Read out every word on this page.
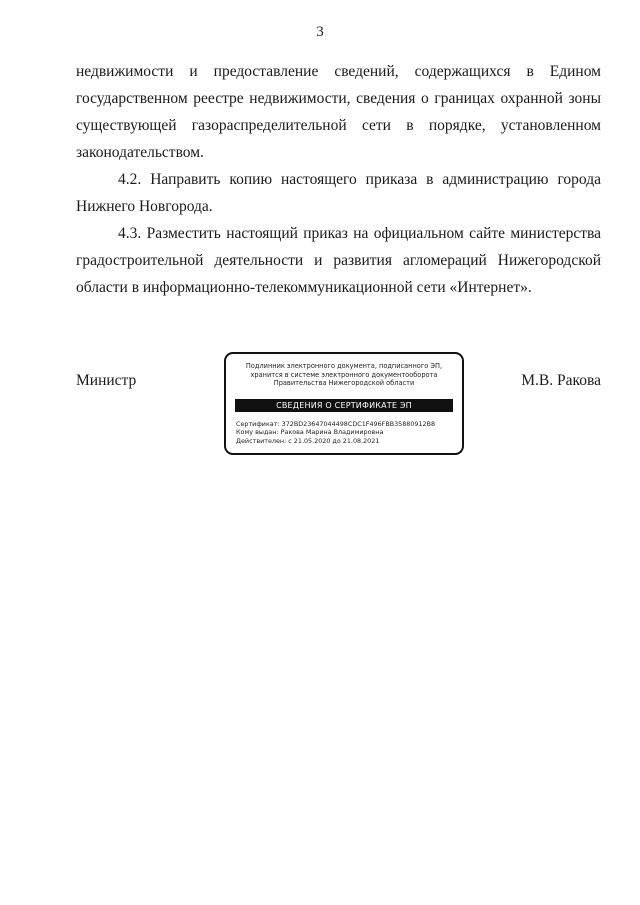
3

недвижимости и предоставление сведений, содержащихся в Едином
государственном реестре недвижимости, сведения о границах охранной зоны
существующей газораспределительной сети в порядке, установленном
законодательством.

4.2. Направить копию настоящего приказа в администрацию города
Нижнего Новгорода.

4.3. Разместить настоящий приказ на официальном сайте министерства
градостроительной деятельности и развития агломераций Нижегородской
области в информационно-телекоммуникационной сети «Интернет».

Министр	М.В. Ракова
Подлинник электронного документа, подписанного ЭП,
хранится в системе электронного документооборота
Правительства Нижегородской области
СВЕДЕНИЯ О СЕРТИФИКАТЕ ЭП
Сертификат: 372BD23647044498CDC1F496FBB35880912B8
Кому выдан: Ракова Марина Владимировна
Действителен: с 21.05.2020 до 21.08.2021
